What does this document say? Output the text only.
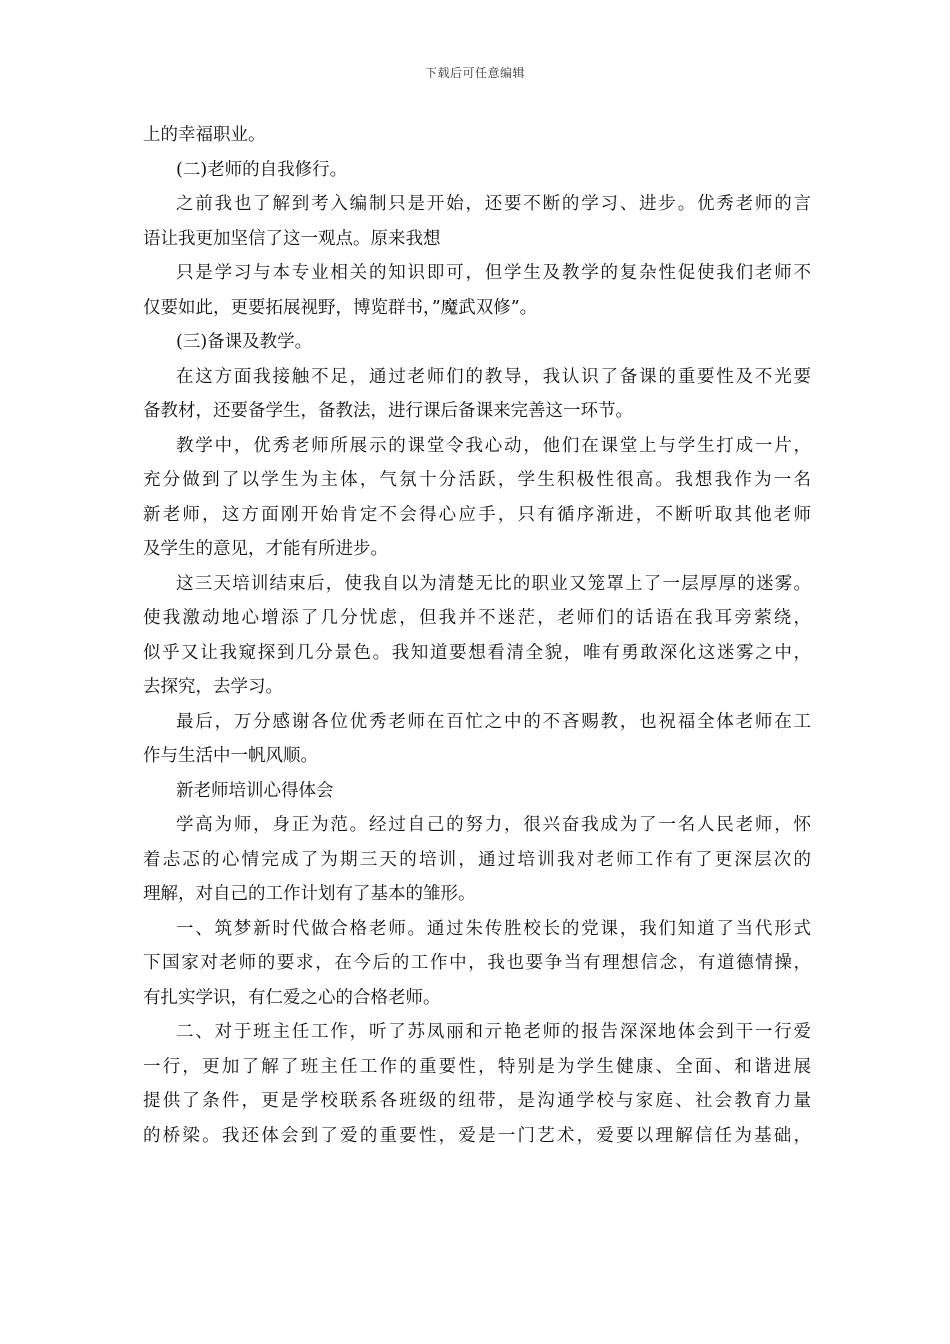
下载后可任意编辑
上的幸福职业。
(二)老师的自我修行。
之前我也了解到考入编制只是开始，还要不断的学习、进步。优秀老师的言
语让我更加坚信了这一观点。原来我想
只是学习与本专业相关的知识即可，但学生及教学的复杂性促使我们老师不
仅要如此，更要拓展视野，博览群书，”魔武双修”。
(三)备课及教学。
在这方面我接触不足，通过老师们的教导，我认识了备课的重要性及不光要
备教材，还要备学生，备教法，进行课后备课来完善这一环节。
教学中，优秀老师所展示的课堂令我心动，他们在课堂上与学生打成一片，
充分做到了以学生为主体，气氛十分活跃，学生积极性很高。我想我作为一名
新老师，这方面刚开始肯定不会得心应手，只有循序渐进，不断听取其他老师
及学生的意见，才能有所进步。
这三天培训结束后，使我自以为清楚无比的职业又笼罩上了一层厚厚的迷雾。
使我激动地心增添了几分忧虑，但我并不迷茫，老师们的话语在我耳旁萦绕，
似乎又让我窥探到几分景色。我知道要想看清全貌，唯有勇敢深化这迷雾之中，
去探究，去学习。
最后，万分感谢各位优秀老师在百忙之中的不吝赐教，也祝福全体老师在工
作与生活中一帆风顺。
新老师培训心得体会
学高为师，身正为范。经过自己的努力，很兴奋我成为了一名人民老师，怀
着忐忑的心情完成了为期三天的培训，通过培训我对老师工作有了更深层次的
理解，对自己的工作计划有了基本的雏形。
一、筑梦新时代做合格老师。通过朱传胜校长的党课，我们知道了当代形式
下国家对老师的要求，在今后的工作中，我也要争当有理想信念，有道德情操，
有扎实学识，有仁爱之心的合格老师。
二、对于班主任工作，听了苏凤丽和亓艳老师的报告深深地体会到干一行爱
一行，更加了解了班主任工作的重要性，特别是为学生健康、全面、和谐进展
提供了条件，更是学校联系各班级的纽带，是沟通学校与家庭、社会教育力量
的桥梁。我还体会到了爱的重要性，爱是一门艺术，爱要以理解信任为基础，
